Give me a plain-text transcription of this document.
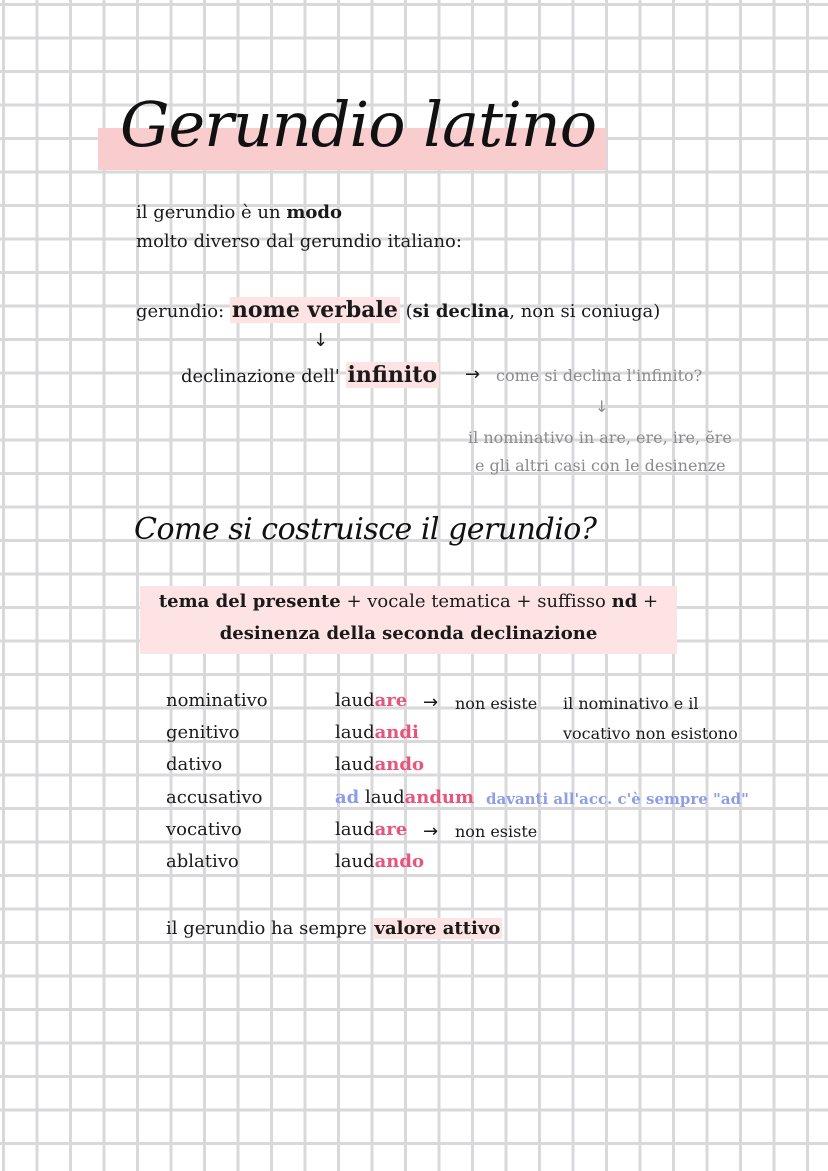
Gerundio latino
il gerundio è un modo
molto diverso dal gerundio italiano:
gerundio: nome verbale (si declina, non si coniuga)
↓
declinazione dell' infinito → come si declina l'infinito?
↓
il nominativo in are, ere, ire, ĕre
e gli altri casi con le desinenze
Come si costruisce il gerundio?
tema del presente + vocale tematica + suffisso nd +
desinenza della seconda declinazione
nominativo	laudare → non esiste
genitivo	laudandi
dativo	laudando
accusativo	ad laudandum davanti all'acc. c'è sempre "ad"
vocativo	laudare → non esiste
ablativo	laudando
il nominativo e il
vocativo non esistono
il gerundio ha sempre valore attivo
